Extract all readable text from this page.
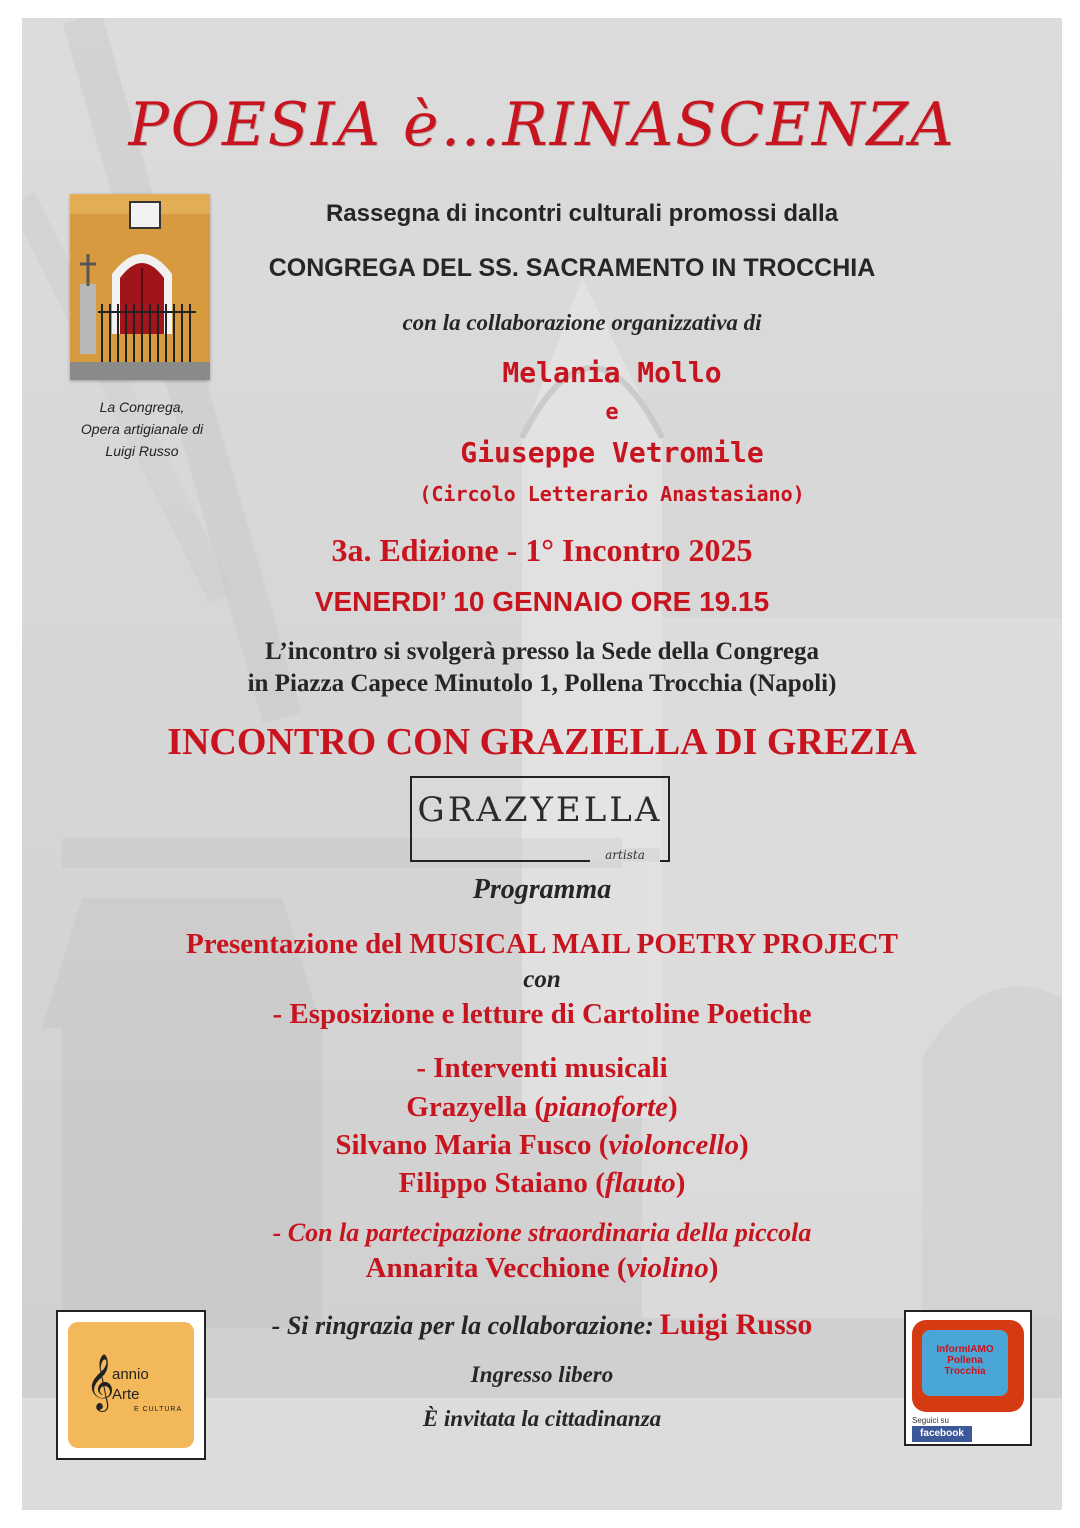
POESIA è…RINASCENZA
Rassegna di incontri culturali promossi dalla
CONGREGA DEL SS. SACRAMENTO IN TROCCHIA
con la collaborazione organizzativa di
Melania Mollo
e
Giuseppe Vetromile
(Circolo Letterario Anastasiano)
La Congrega,
Opera artigianale di
Luigi Russo
3a. Edizione - 1° Incontro 2025
VENERDI’ 10 GENNAIO ORE 19.15
L’incontro si svolgerà presso la Sede della Congrega
in Piazza Capece Minutolo 1, Pollena Trocchia (Napoli)
INCONTRO CON GRAZIELLA DI GREZIA
GRAZYELLA
artista
Programma
Presentazione del MUSICAL MAIL POETRY PROJECT
con
- Esposizione e letture di Cartoline Poetiche
- Interventi musicali
Grazyella (pianoforte)
Silvano Maria Fusco (violoncello)
Filippo Staiano (flauto)
- Con la partecipazione straordinaria della piccola
Annarita Vecchione (violino)
- Si ringrazia per la collaborazione: Luigi Russo
Ingresso libero
È invitata la cittadinanza
𝄞
annio
Arte
E CULTURA
InformIAMO
Pollena
Trocchia
Seguici su
facebook
